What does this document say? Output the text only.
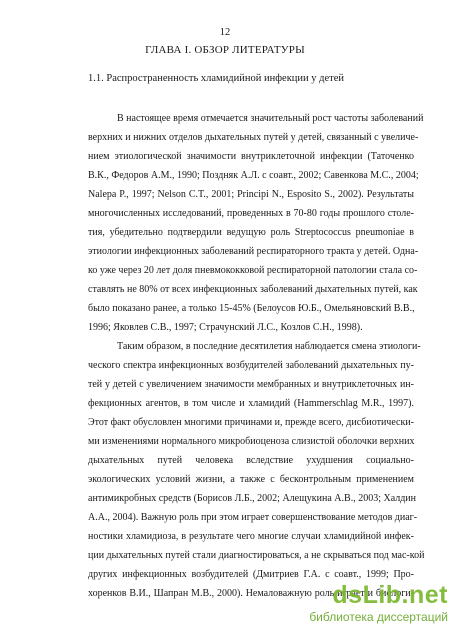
12
ГЛАВА I. ОБЗОР ЛИТЕРАТУРЫ
1.1. Распространенность хламидийной инфекции у детей
В настоящее время отмечается значительный рост частоты заболеваний
верхних и нижних отделов дыхательных путей у детей, связанный с увеличе-
нием этиологической значимости внутриклеточной инфекции (Таточенко
В.К., Федоров А.М., 1990; Поздняк А.Л. с соавт., 2002; Савенкова М.С., 2004;
Nalepa P., 1997; Nelson C.T., 2001; Principi N., Esposito S., 2002). Результаты
многочисленных исследований, проведенных в 70-80 годы прошлого столе-
тия, убедительно подтвердили ведущую роль Streptococcus pneumoniae в
этиологии инфекционных заболеваний респираторного тракта у детей. Одна-
ко уже через 20 лет доля пневмококковой респираторной патологии стала со-
ставлять не 80% от всех инфекционных заболеваний дыхательных путей, как
было показано ранее, а только 15-45% (Белоусов Ю.Б., Омельяновский В.В.,
1996; Яковлев С.В., 1997; Страчунский Л.С., Козлов С.Н., 1998).
Таким образом, в последние десятилетия наблюдается смена этиологи-
ческого спектра инфекционных возбудителей заболеваний дыхательных пу-
тей у детей с увеличением значимости мембранных и внутриклеточных ин-
фекционных агентов, в том числе и хламидий (Hammerschlag M.R., 1997).
Этот факт обусловлен многими причинами и, прежде всего, дисбиотически-
ми изменениями нормального микробиоценоза слизистой оболочки верхних
дыхательных путей человека вследствие ухудшения социально-
экологических условий жизни, а также с бесконтрольным применением
антимикробных средств (Борисов Л.Б., 2002; Алещукина А.В., 2003; Халдин
А.А., 2004). Важную роль при этом играет совершенствование методов диаг-
ностики хламидиоза, в результате чего многие случаи хламидийной инфек-
ции дыхательных путей стали диагностироваться, а не скрываться под мас-кой
других инфекционных возбудителей (Дмитриев Г.А. с соавт., 1999; Про-
хоренков В.И., Шапран М.В., 2000). Немаловажную роль играет и биологи-
dsLib.net
библиотека диссертаций
